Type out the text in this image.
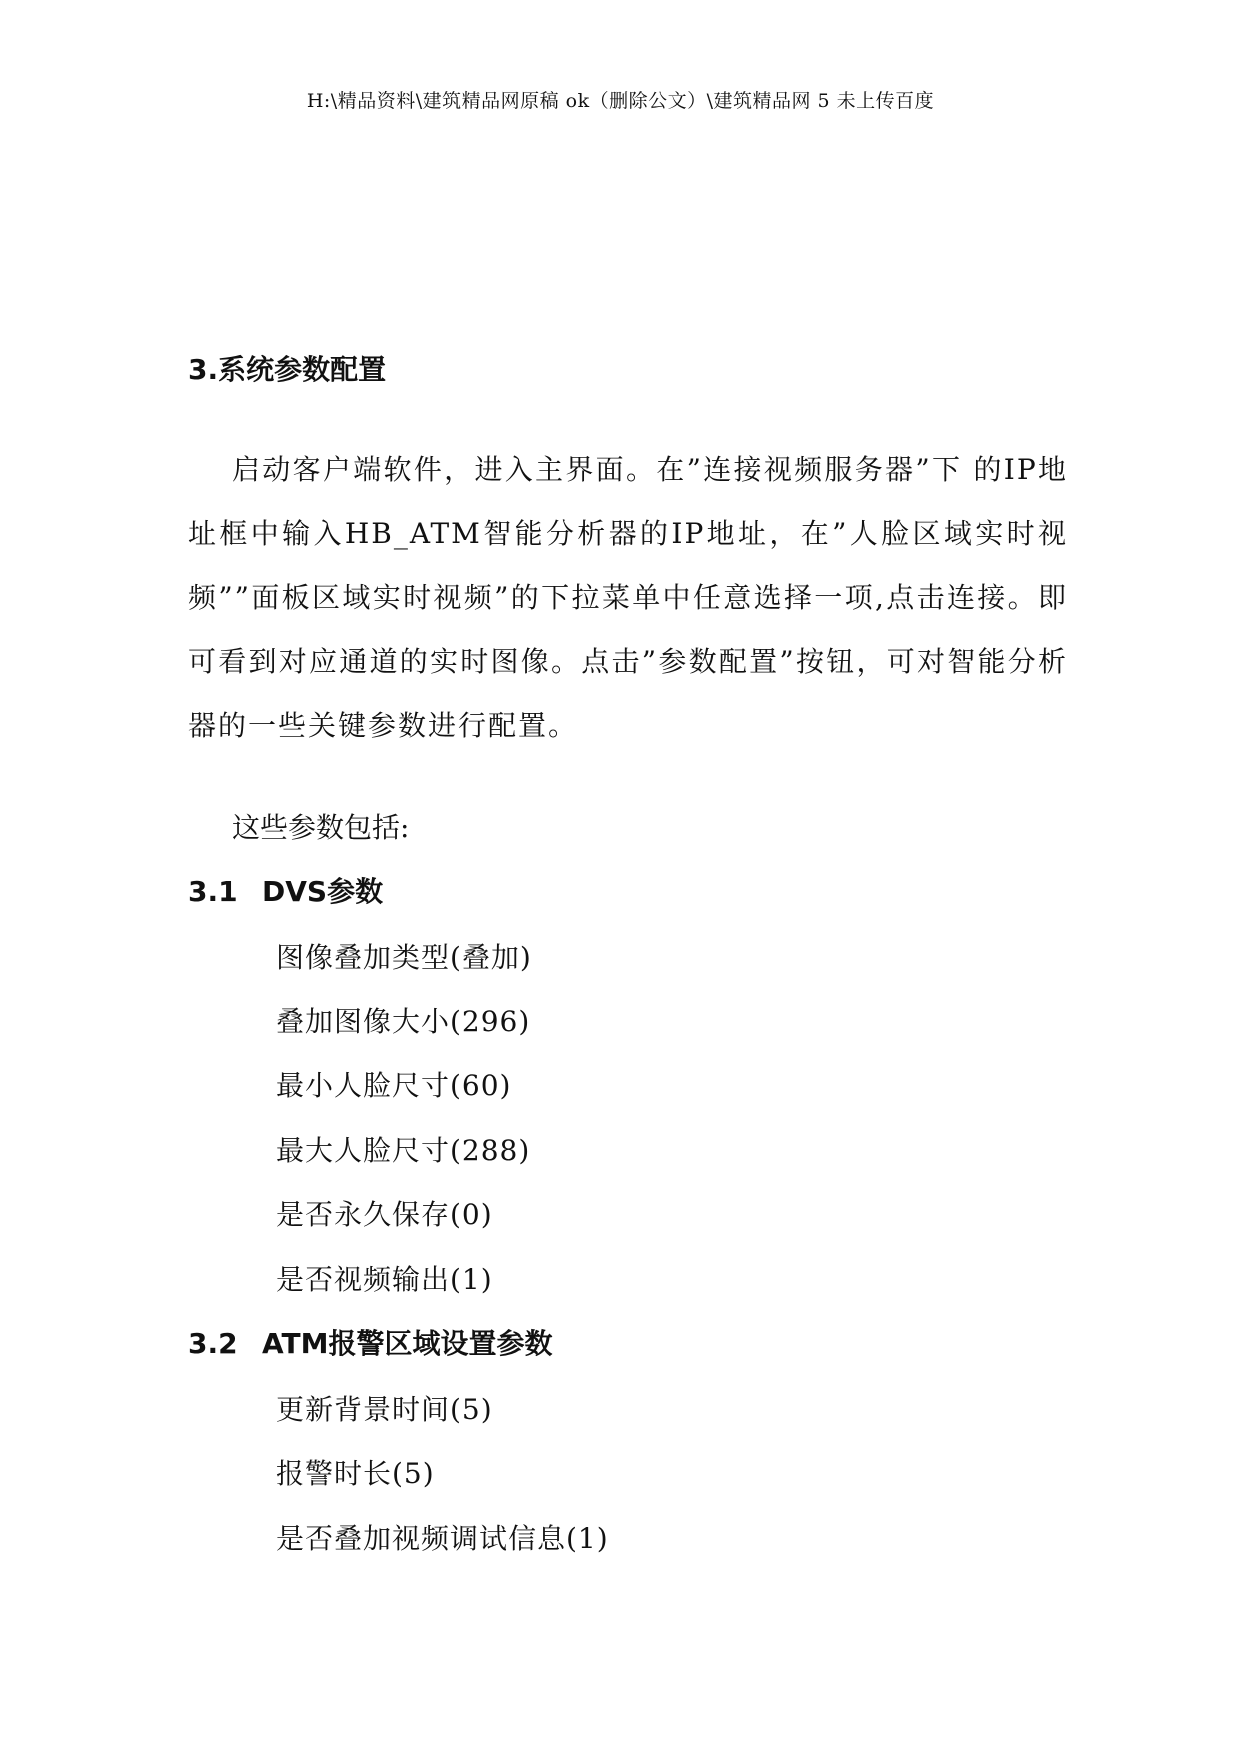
H:\精品资料\建筑精品网原稿 ok（删除公文）\建筑精品网 5 未上传百度
3.系统参数配置
启动客户端软件，进入主界面。在”连接视频服务器”下 的IP地址框中输入HB_ATM智能分析器的IP地址，在”人脸区域实时视频””面板区域实时视频”的下拉菜单中任意选择一项,点击连接。即可看到对应通道的实时图像。点击”参数配置”按钮，可对智能分析器的一些关键参数进行配置。
这些参数包括:
3.1 DVS参数
图像叠加类型(叠加)
叠加图像大小(296)
最小人脸尺寸(60)
最大人脸尺寸(288)
是否永久保存(0)
是否视频输出(1)
3.2 ATM报警区域设置参数
更新背景时间(5)
报警时长(5)
是否叠加视频调试信息(1)
